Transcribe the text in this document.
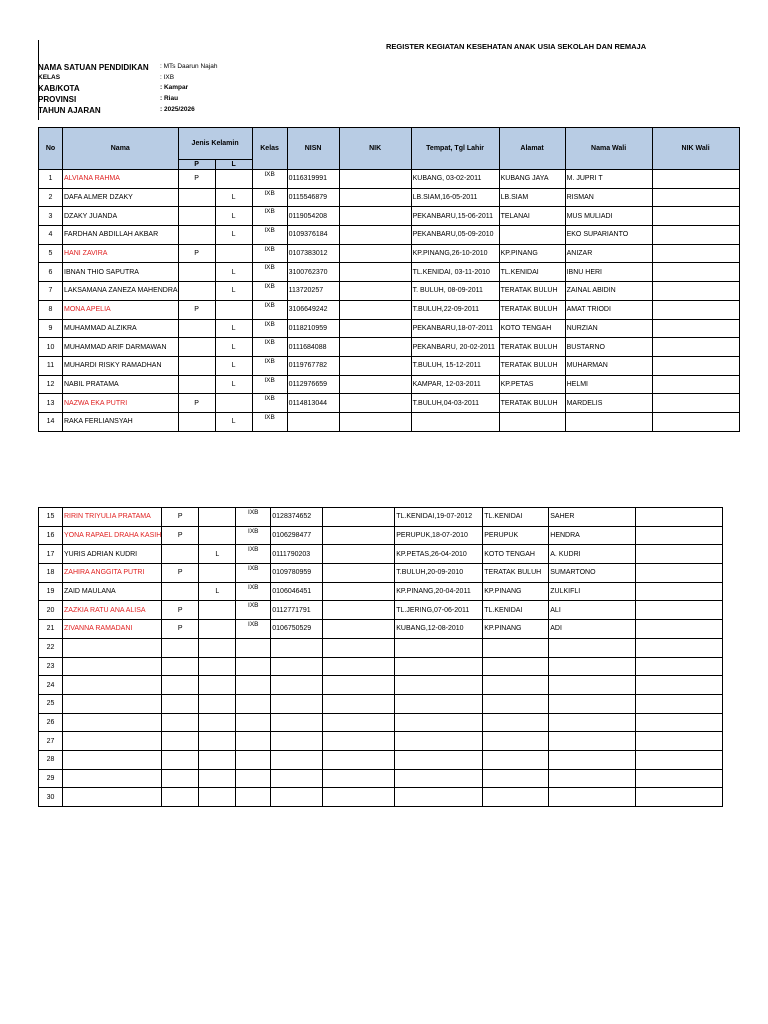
REGISTER KEGIATAN KESEHATAN ANAK USIA SEKOLAH DAN REMAJA
NAMA SATUAN PENDIDIKAN : MTs Daarun Najah
KELAS	: IXB
KAB/KOTA	: Kampar
PROVINSI	: Riau
TAHUN AJARAN	: 2025/2026
No	Nama	Jenis Kelamin		Kelas	NISN	NIK	Tempat, Tgl Lahir	Alamat	Nama Wali	NIK Wali
		P	L							
1	ALVIANA RAHMA	P		IXB	0116319991		KUBANG, 03-02-2011	KUBANG JAYA	M. JUPRI T	
2	DAFA ALMER DZAKY		L	IXB	0115546879		LB.SIAM,16-05-2011	LB.SIAM	RISMAN	
3	DZAKY JUANDA		L	IXB	0119054208		PEKANBARU,15-06-2011	TELANAI	MUS MULIADI	
4	FARDHAN ABDILLAH AKBAR		L	IXB	0109376184		PEKANBARU,05-09-2010		EKO SUPARIANTO	
5	HANI ZAVIRA	P		IXB	0107383012		KP.PINANG,26-10-2010	KP.PINANG	ANIZAR	
6	IBNAN THIO SAPUTRA		L	IXB	3100762370		TL.KENIDAI, 03-11-2010	TL.KENIDAI	IBNU HERI	
7	LAKSAMANA ZANEZA MAHENDRA		L	IXB	113720257		T. BULUH, 08-09-2011	TERATAK BULUH	ZAINAL ABIDIN	
8	MONA APELIA	P		IXB	3106649242		T.BULUH,22-09-2011	TERATAK BULUH	AMAT TRIODI	
9	MUHAMMAD ALZIKRA		L	IXB	0118210959		PEKANBARU,18-07-2011	KOTO TENGAH	NURZIAN	
10	MUHAMMAD ARIF DARMAWAN		L	IXB	0111684088		PEKANBARU, 20-02-2011	TERATAK BULUH	BUSTARNO	
11	MUHARDI RISKY RAMADHAN		L	IXB	0119767782		T.BULUH, 15-12-2011	TERATAK BULUH	MUHARMAN	
12	NABIL PRATAMA		L	IXB	0112976659		KAMPAR, 12-03-2011	KP.PETAS	HELMI	
13	NAZWA EKA PUTRI	P		IXB	0114813044		T.BULUH,04-03-2011	TERATAK BULUH	MARDELIS	
14	RAKA FERLIANSYAH		L	IXB						
15	RIRIN TRIYULIA PRATAMA	P		IXB	0128374652		TL.KENIDAI,19-07-2012	TL.KENIDAI	SAHER	
16	YONA RAPAEL DRAHA KASIH	P		IXB	0106298477		PERUPUK,18-07-2010	PERUPUK	HENDRA	
17	YURIS ADRIAN KUDRI		L	IXB	0111790203		KP.PETAS,26-04-2010	KOTO TENGAH	A. KUDRI	
18	ZAHIRA ANGGITA PUTRI	P		IXB	0109780959		T.BULUH,20-09-2010	TERATAK BULUH	SUMARTONO	
19	ZAID MAULANA		L	IXB	0106046451		KP.PINANG,20-04-2011	KP.PINANG	ZULKIFLI	
20	ZAZKIA RATU ANA ALISA	P		IXB	0112771791		TL.JERING,07-06-2011	TL.KENIDAI	ALI	
21	ZIVANNA RAMADANI	P		IXB	0106750529		KUBANG,12-08-2010	KP.PINANG	ADI	
22										
23										
24										
25										
26										
27										
28										
29										
30										
